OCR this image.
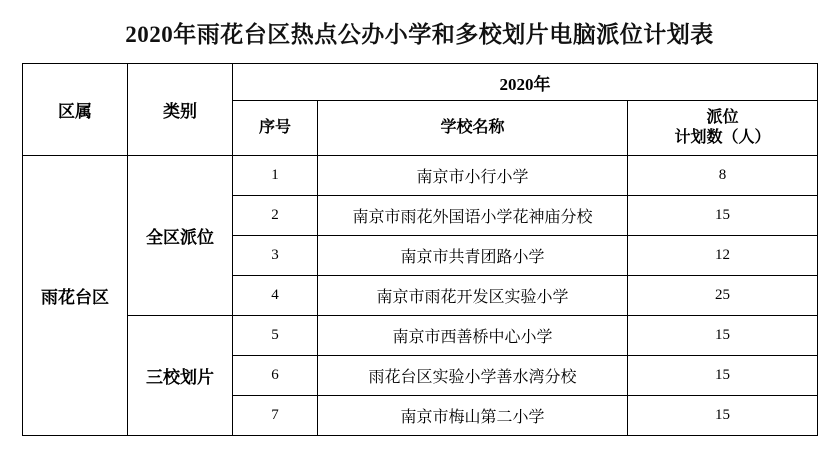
2020年雨花台区热点公办小学和多校划片电脑派位计划表
区属	类别	2020年		
		序号	学校名称	派位
计划数（人）

雨花台区	全区派位	1	南京市小行小学	8
		2	南京市雨花外国语小学花神庙分校	15
		3	南京市共青团路小学	12
		4	南京市雨花开发区实验小学	25
	三校划片	5	南京市西善桥中心小学	15
		6	雨花台区实验小学善水湾分校	15
		7	南京市梅山第二小学	15
